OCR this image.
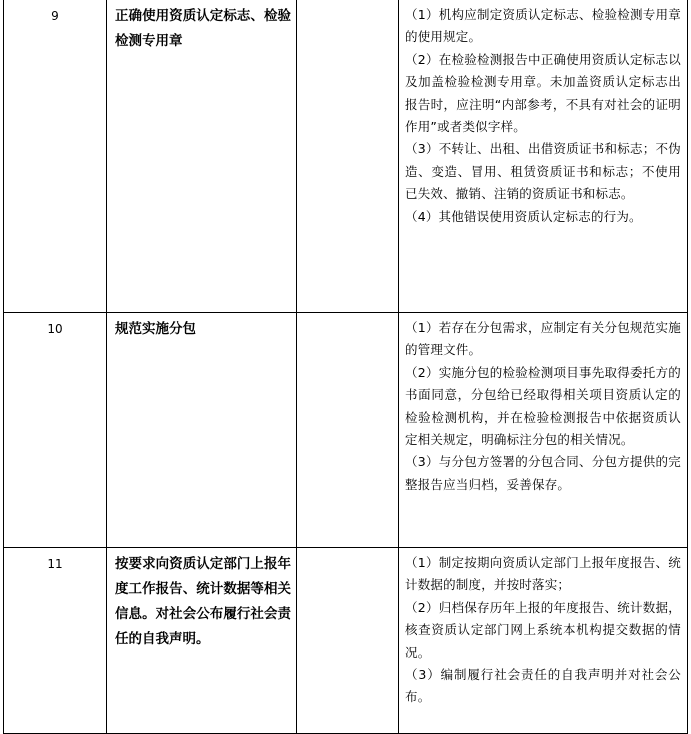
9	正确使用资质认定标志、检验检测专用章		（1）机构应制定资质认定标志、检验检测专用章的使用规定。
（2）在检验检测报告中正确使用资质认定标志以及加盖检验检测专用章。未加盖资质认定标志出报告时，应注明“内部参考，不具有对社会的证明作用”或者类似字样。
（3）不转让、出租、出借资质证书和标志；不伪造、变造、冒用、租赁资质证书和标志；不使用已失效、撤销、注销的资质证书和标志。
（4）其他错误使用资质认定标志的行为。

10	规范实施分包		（1）若存在分包需求，应制定有关分包规范实施的管理文件。
（2）实施分包的检验检测项目事先取得委托方的书面同意，分包给已经取得相关项目资质认定的检验检测机构，并在检验检测报告中依据资质认定相关规定，明确标注分包的相关情况。
（3）与分包方签署的分包合同、分包方提供的完整报告应当归档，妥善保存。

11	按要求向资质认定部门上报年度工作报告、统计数据等相关信息。对社会公布履行社会责任的自我声明。		（1）制定按期向资质认定部门上报年度报告、统计数据的制度，并按时落实；
（2）归档保存历年上报的年度报告、统计数据，核查资质认定部门网上系统本机构提交数据的情况。
（3）编制履行社会责任的自我声明并对社会公布。
